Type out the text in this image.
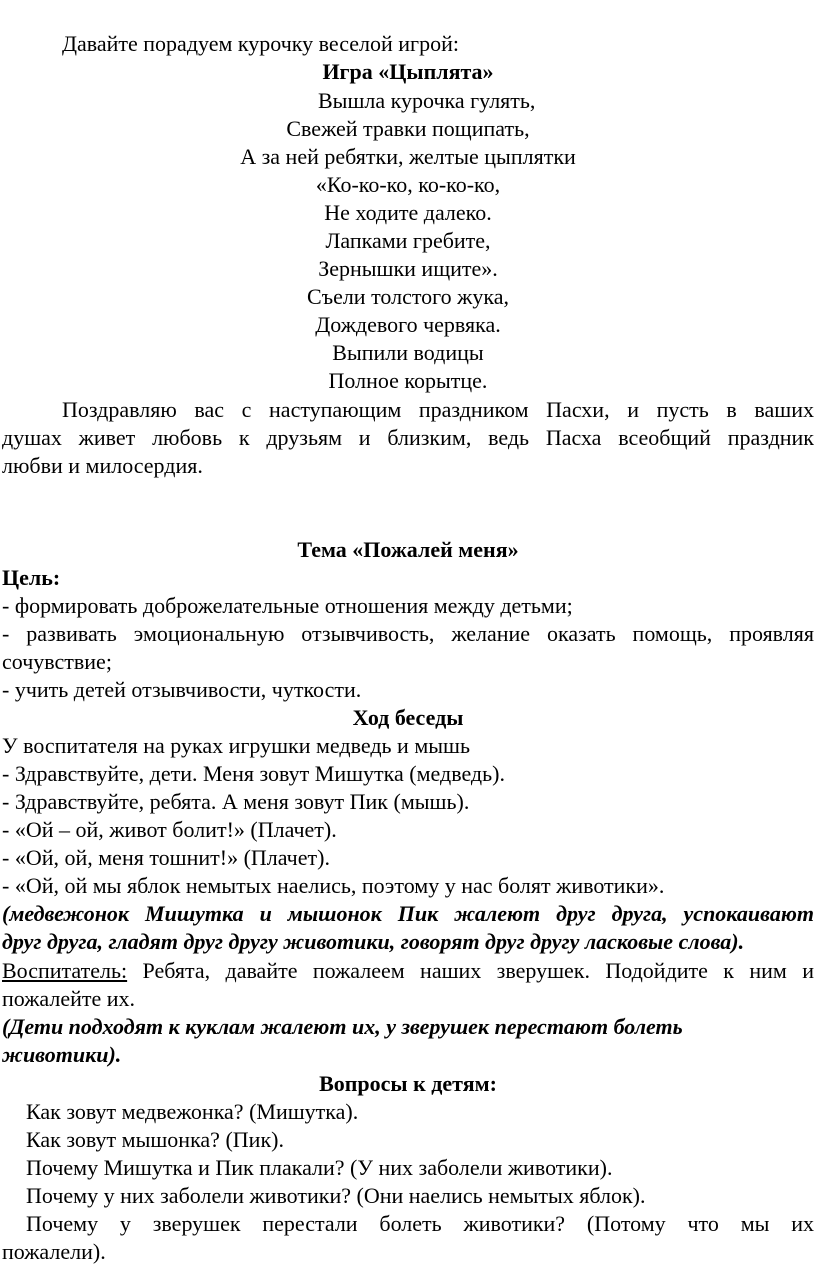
Давайте порадуем курочку веселой игрой:
Игра «Цыплята»
Вышла курочка гулять,
Свежей травки пощипать,
А за ней ребятки, желтые цыплятки
«Ко-ко-ко, ко-ко-ко,
Не ходите далеко.
Лапками гребите,
Зернышки ищите».
Съели толстого жука,
Дождевого червяка.
Выпили водицы
Полное корытце.
Поздравляю вас с наступающим праздником Пасхи, и пусть в ваших
душах живет любовь к друзьям и близким, ведь Пасха всеобщий праздник
любви и милосердия.
Тема «Пожалей меня»
Цель:
- формировать доброжелательные отношения между детьми;
- развивать эмоциональную отзывчивость, желание оказать помощь, проявляя
сочувствие;
- учить детей отзывчивости, чуткости.
Ход беседы
У воспитателя на руках игрушки медведь и мышь
- Здравствуйте, дети. Меня зовут Мишутка (медведь).
- Здравствуйте, ребята. А меня зовут Пик (мышь).
- «Ой – ой, живот болит!» (Плачет).
- «Ой, ой, меня тошнит!» (Плачет).
- «Ой, ой мы яблок немытых наелись, поэтому у нас болят животики».
(медвежонок Мишутка и мышонок Пик жалеют друг друга, успокаивают
друг друга, гладят друг другу животики, говорят друг другу ласковые слова).
Воспитатель: Ребята, давайте пожалеем наших зверушек. Подойдите к ним и
пожалейте их.
(Дети подходят к куклам жалеют их, у зверушек перестают болеть
животики).
Вопросы к детям:
Как зовут медвежонка? (Мишутка).
Как зовут мышонка? (Пик).
Почему Мишутка и Пик плакали? (У них заболели животики).
Почему у них заболели животики? (Они наелись немытых яблок).
Почему у зверушек перестали болеть животики? (Потому что мы их
пожалели).
